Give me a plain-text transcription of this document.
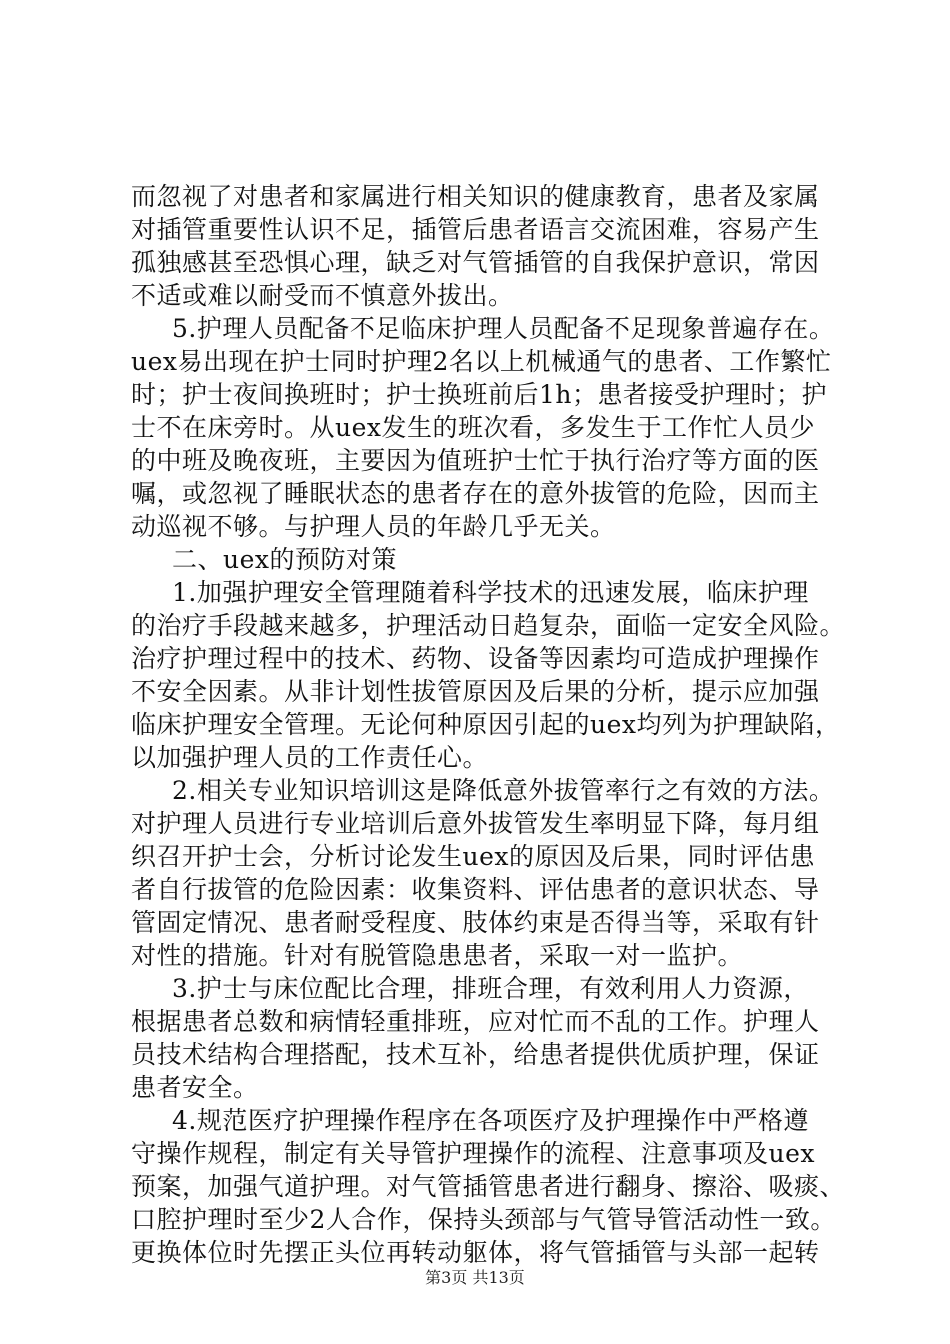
而忽视了对患者和家属进行相关知识的健康教育，患者及家属
对插管重要性认识不足，插管后患者语言交流困难，容易产生
孤独感甚至恐惧心理，缺乏对气管插管的自我保护意识，常因
不适或难以耐受而不慎意外拔出。
5.护理人员配备不足临床护理人员配备不足现象普遍存在。
uex易出现在护士同时护理2名以上机械通气的患者、工作繁忙
时；护士夜间换班时；护士换班前后1h；患者接受护理时；护
士不在床旁时。从uex发生的班次看，多发生于工作忙人员少
的中班及晚夜班，主要因为值班护士忙于执行治疗等方面的医
嘱，或忽视了睡眠状态的患者存在的意外拔管的危险，因而主
动巡视不够。与护理人员的年龄几乎无关。
二、uex的预防对策
1.加强护理安全管理随着科学技术的迅速发展，临床护理
的治疗手段越来越多，护理活动日趋复杂，面临一定安全风险。
治疗护理过程中的技术、药物、设备等因素均可造成护理操作
不安全因素。从非计划性拔管原因及后果的分析，提示应加强
临床护理安全管理。无论何种原因引起的uex均列为护理缺陷，
以加强护理人员的工作责任心。
2.相关专业知识培训这是降低意外拔管率行之有效的方法。
对护理人员进行专业培训后意外拔管发生率明显下降，每月组
织召开护士会，分析讨论发生uex的原因及后果，同时评估患
者自行拔管的危险因素：收集资料、评估患者的意识状态、导
管固定情况、患者耐受程度、肢体约束是否得当等，采取有针
对性的措施。针对有脱管隐患患者，采取一对一监护。
3.护士与床位配比合理，排班合理，有效利用人力资源，
根据患者总数和病情轻重排班，应对忙而不乱的工作。护理人
员技术结构合理搭配，技术互补，给患者提供优质护理，保证
患者安全。
4.规范医疗护理操作程序在各项医疗及护理操作中严格遵
守操作规程，制定有关导管护理操作的流程、注意事项及uex
预案，加强气道护理。对气管插管患者进行翻身、擦浴、吸痰、
口腔护理时至少2人合作，保持头颈部与气管导管活动性一致。
更换体位时先摆正头位再转动躯体，将气管插管与头部一起转
第3页 共13页
